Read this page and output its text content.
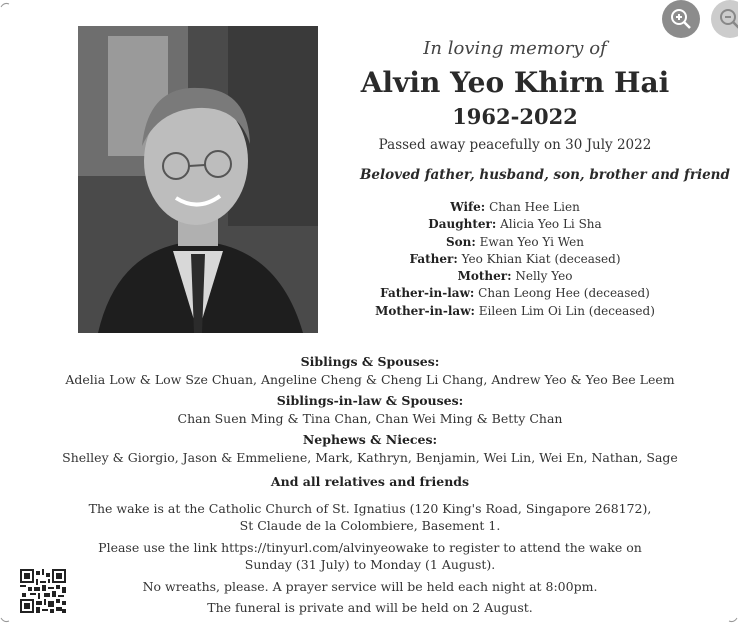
In loving memory of
Alvin Yeo Khirn Hai
1962-2022
Passed away peacefully on 30 July 2022
Beloved father, husband, son, brother and friend
Wife: Chan Hee Lien
Daughter: Alicia Yeo Li Sha
Son: Ewan Yeo Yi Wen
Father: Yeo Khian Kiat (deceased)
Mother: Nelly Yeo
Father-in-law: Chan Leong Hee (deceased)
Mother-in-law: Eileen Lim Oi Lin (deceased)
Siblings & Spouses:
Adelia Low & Low Sze Chuan, Angeline Cheng & Cheng Li Chang, Andrew Yeo & Yeo Bee Leem
Siblings-in-law & Spouses:
Chan Suen Ming & Tina Chan, Chan Wei Ming & Betty Chan
Nephews & Nieces:
Shelley & Giorgio, Jason & Emmeliene, Mark, Kathryn, Benjamin, Wei Lin, Wei En, Nathan, Sage
And all relatives and friends
The wake is at the Catholic Church of St. Ignatius (120 King's Road, Singapore 268172),
St Claude de la Colombiere, Basement 1.
Please use the link https://tinyurl.com/alvinyeowake to register to attend the wake on
Sunday (31 July) to Monday (1 August).
No wreaths, please. A prayer service will be held each night at 8:00pm.
The funeral is private and will be held on 2 August.
